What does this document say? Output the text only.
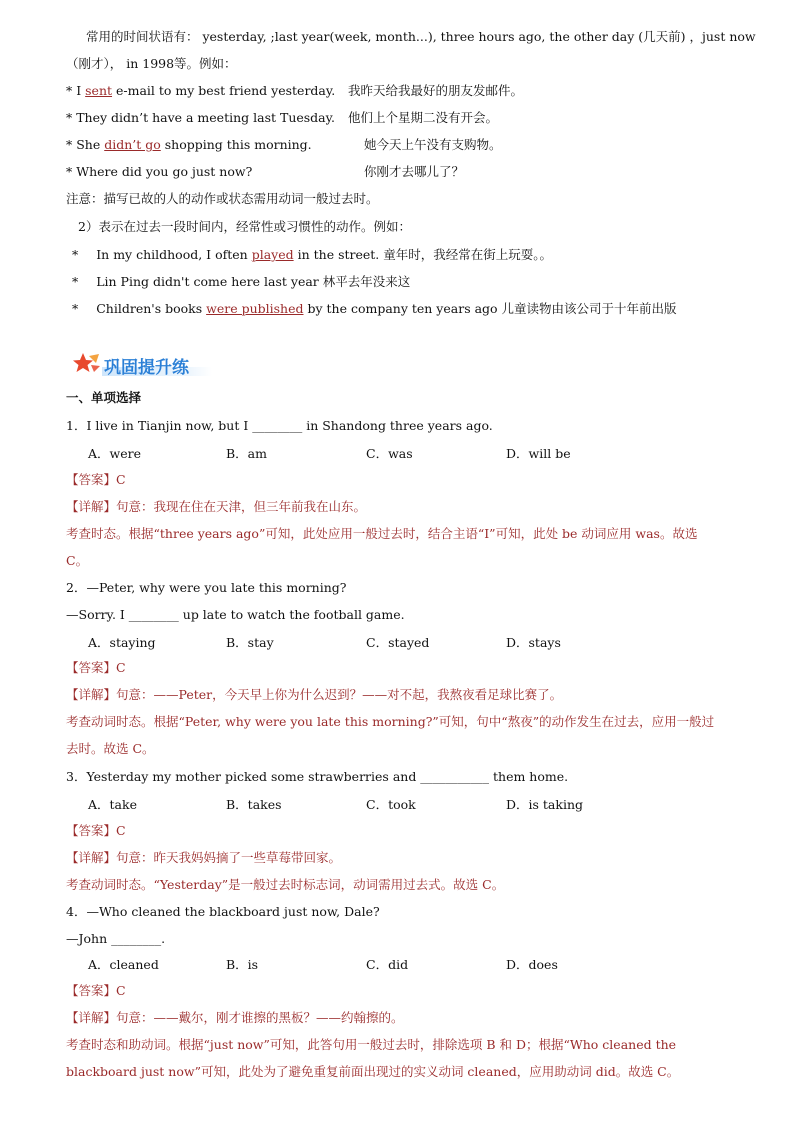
常用的时间状语有： yesterday, ;last year(week, month...), three hours ago, the other day (几天前) ，just now
（刚才）， in 1998等。例如：
* I sent e-mail to my best friend yesterday. 我昨天给我最好的朋友发邮件。
* They didn’t have a meeting last Tuesday. 他们上个星期二没有开会。
* She didn’t go shopping this morning.	她今天上午没有支购物。
* Where did you go just now?	你刚才去哪儿了？
注意：描写已故的人的动作或状态需用动词一般过去时。
2）表示在过去一段时间内，经常性或习惯性的动作。例如：
* In my childhood, I often played in the street. 童年时，我经常在街上玩耍。。
* Lin Ping didn't come here last year 林平去年没来这
* Children's books were published by the company ten years ago 儿童读物由该公司于十年前出版
巩固提升练
一、单项选择
1．I live in Tianjin now, but I ________ in Shandong three years ago.
A．were	B．am	C．was	D．will be
【答案】C
【详解】句意：我现在住在天津，但三年前我在山东。
考查时态。根据“three years ago”可知，此处应用一般过去时，结合主语“I”可知，此处 be 动词应用 was。故选
C。
2．—Peter, why were you late this morning?
—Sorry. I ________ up late to watch the football game.
A．staying	B．stay	C．stayed	D．stays
【答案】C
【详解】句意：——Peter，今天早上你为什么迟到？——对不起，我熬夜看足球比赛了。
考查动词时态。根据“Peter, why were you late this morning?”可知，句中“熬夜”的动作发生在过去，应用一般过
去时。故选 C。
3．Yesterday my mother picked some strawberries and ___________ them home.
A．take	B．takes	C．took	D．is taking
【答案】C
【详解】句意：昨天我妈妈摘了一些草莓带回家。
考查动词时态。“Yesterday”是一般过去时标志词，动词需用过去式。故选 C。
4．—Who cleaned the blackboard just now, Dale?
—John ________.
A．cleaned	B．is	C．did	D．does
【答案】C
【详解】句意：——戴尔，刚才谁擦的黑板？——约翰擦的。
考查时态和助动词。根据“just now”可知，此答句用一般过去时，排除选项 B 和 D；根据“Who cleaned the
blackboard just now”可知，此处为了避免重复前面出现过的实义动词 cleaned，应用助动词 did。故选 C。
